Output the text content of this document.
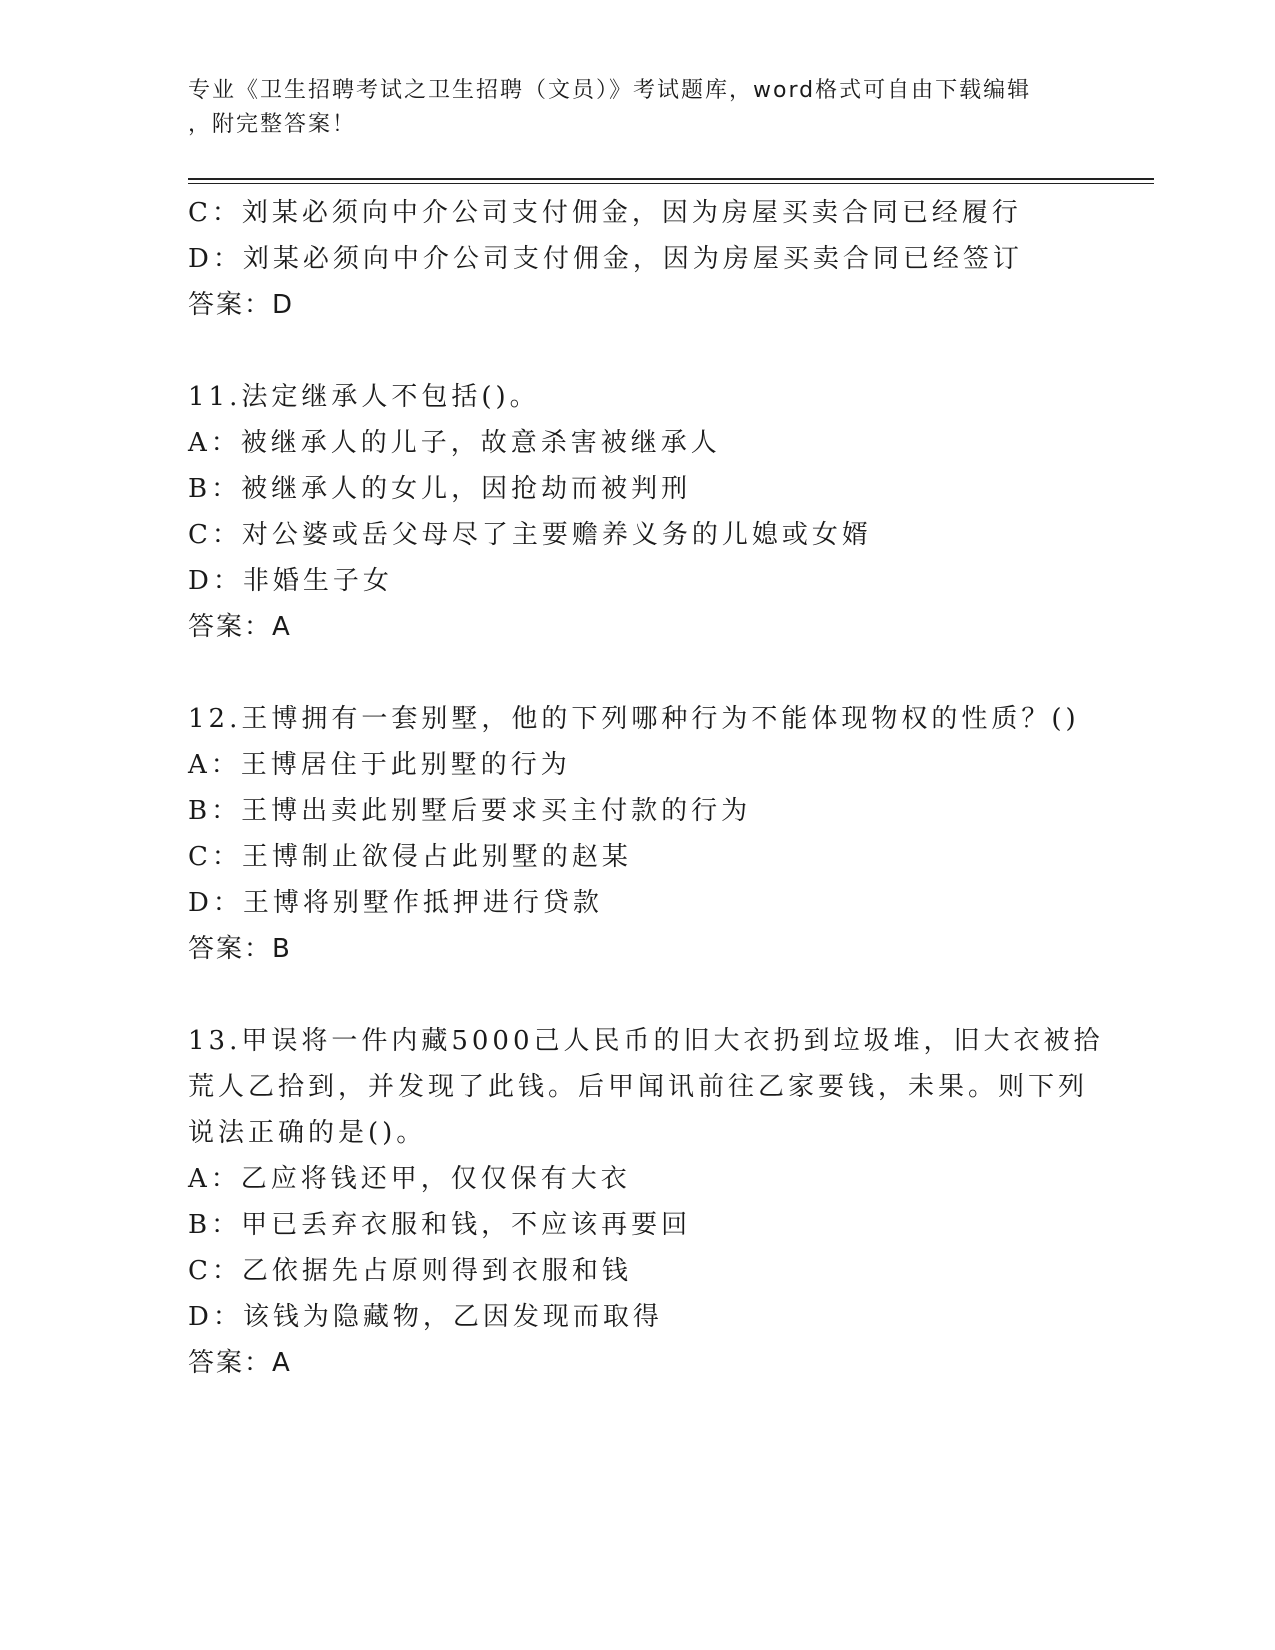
专业《卫生招聘考试之卫生招聘（文员）》考试题库，word格式可自由下载编辑
，附完整答案！

C：刘某必须向中介公司支付佣金，因为房屋买卖合同已经履行

D：刘某必须向中介公司支付佣金，因为房屋买卖合同已经签订

答案：D

11.法定继承人不包括()。

A：被继承人的儿子，故意杀害被继承人

B：被继承人的女儿，因抢劫而被判刑

C：对公婆或岳父母尽了主要赡养义务的儿媳或女婿

D：非婚生子女

答案：A

12.王博拥有一套别墅，他的下列哪种行为不能体现物权的性质？()

A：王博居住于此别墅的行为

B：王博出卖此别墅后要求买主付款的行为

C：王博制止欲侵占此别墅的赵某

D：王博将别墅作抵押进行贷款

答案：B

13.甲误将一件内藏5000己人民币的旧大衣扔到垃圾堆，旧大衣被拾

荒人乙拾到，并发现了此钱。后甲闻讯前往乙家要钱，未果。则下列

说法正确的是()。

A：乙应将钱还甲，仅仅保有大衣

B：甲已丢弃衣服和钱，不应该再要回

C：乙依据先占原则得到衣服和钱

D：该钱为隐藏物，乙因发现而取得

答案：A
